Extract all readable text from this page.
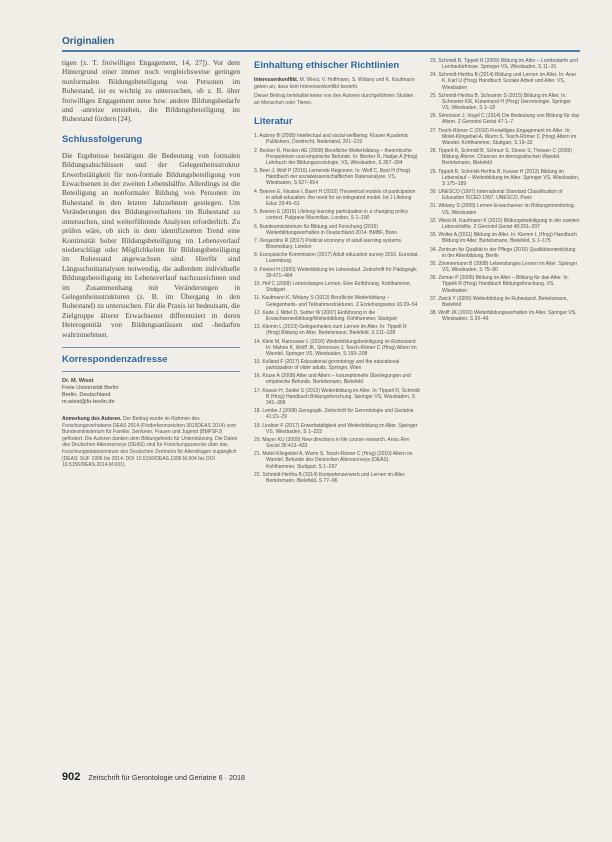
Originalien

tigen [z. T. freiwilliges Engagement, 14, 27]). Vor dem Hintergrund einer immer noch vergleichsweise geringen nonformalen Bildungsbeteiligung von Personen im Ruhestand, ist es wichtig zu untersuchen, ob z. B. über freiwilliges Engagement neue bzw. andere Bildungsbedarfe und -anreize entstehen, die Bildungsbeteiligung im Ruhestand fördern [24].

Schlussfolgerung

Die Ergebnisse bestätigen die Bedeutung von formalen Bildungsabschlüssen und der Gelegenheitsstruktur Erwerbstätigkeit für non-formale Bildungsbeteiligung von Erwachsenen in der zweiten Lebenshälfte. Allerdings ist die Beteiligung an nonformaler Bildung von Personen im Ruhestand in den letzten Jahrzehnten gestiegen. Um Veränderungen des Bildungsverhaltens im Ruhestand zu untersuchen, sind weiterführende Analysen erforderlich. Zu prüfen wäre, ob sich in dem identifizierten Trend eine Kontinuität hoher Bildungsbeteiligung im Lebensverlauf niederschlägt oder Möglichkeiten für Bildungsbeteiligung im Ruhestand angewachsen sind. Hierfür sind Längsschnittanalysen notwendig, die außerdem individuelle Bildungsbeteiligung im Lebensverlauf nachzuzeichnen und im Zusammenhang mit Veränderungen in Gelegenheitsstrukturen (z. B. im Übergang in den Ruhestand) zu untersuchen. Für die Praxis ist bedeutsam, die Zielgruppe älterer Erwachsener differenziert in deren Heterogenität von Bildungsanlässen und -bedarfen wahrzunehmen.

Korrespondenzadresse
Dr. M. Wiest
Freie Universität Berlin
Berlin, Deutschland
m.wiest@fu-berlin.de

Anmerkung des Autoren. Der Beitrag wurde im Rahmen des Forschungsvorhabens DEAS 2014 (Förderkennzeichen 3015DEAS 2014) vom Bundesministerium für Familie, Senioren, Frauen und Jugend (BMFSFJ) gefördert. Die Autoren danken dem Bildungsfonds für Unterstützung. Die Daten des Deutschen Alterssurveys (DEAS) sind für Forschungszwecke über das Forschungsdatenzentrum des Deutschen Zentrums für Altersfragen zugänglich (DEAS: SUF 1996 bis 2014; DOI 10.5156/DEAS.1996.M.004 bis DOI 10.5156/DEAS.2014.M.001).

Einhaltung ethischer Richtlinien

Interessenkonflikt. M. Wiest, V. Hoffmann, S. Widany und K. Kaufmann geben an, dass kein Interessenkonflikt besteht.

Dieser Beitrag beinhaltet keine von den Autoren durchgeführten Studien an Menschen oder Tieren.

Literatur
1. Aubrey B (2008) Intellectual and social wellbeing: Kluwer Academic Publishers, Dordrecht, Nederland, 201–219
2. Becker R, Hecken AE (2008) Berufliche Weiterbildung – theoretische Perspektiven und empirische Befunde. In: Becker R, Hadjar A (Hrsg) Lehrbuch der Bildungssoziologie. VS, Wiesbaden, S 357–394
3. Beer J, Wolf P (2010) Lernende Regionen. In: Wolf C, Best H (Hrsg) Handbuch der sozialwissenschaftlichen Datenanalyse. VS, Wiesbaden, S 627–654
4. Boeren E, Nicaise I, Baert H (2010) Theoretical models of participation in adult education: the need for an integrated model. Int J Lifelong Educ 29:45–61
5. Boeren E (2016) Lifelong learning participation in a changing policy context. Palgrave Macmillan, London, S 1–190
6. Bundesministerium für Bildung und Forschung (2015) Weiterbildungsverhalten in Deutschland 2014. BMBF, Bonn
7. Desjardins R (2017) Political economy of adult learning systems. Bloomsbury, London
8. Europäische Kommission (2017) Adult education survey 2016. Eurostat, Luxemburg
9. Friebel H (1993) Weiterbildung im Lebenslauf. Zeitschrift für Pädagogik 39:471–484
10. Hof C (2009) Lebenslanges Lernen. Eine Einführung. Kohlhammer, Stuttgart
11. Kaufmann K, Widany S (2013) Berufliche Weiterbildung – Gelegenheits- und Teilnahmestrukturen. Z Erziehungswiss 16:29–54
12. Kade J, Nittel D, Seitter W (2007) Einführung in die Erwachsenenbildung/Weiterbildung. Kohlhammer, Stuttgart
13. Klemm L (2013) Gelegenheiten zum Lernen im Alter. In: Tippelt R (Hrsg) Bildung im Alter. Bertelsmann, Bielefeld, S 211–228
14. Klein M, Ramsauer L (2016) Weiterbildungsbeteiligung im Ruhestand. In: Mahne K, Wolff JK, Simonson J, Tesch-Römer C (Hrsg) Altern im Wandel. Springer VS, Wiesbaden, S 193–208
15. Kolland F (2017) Educational gerontology and the educational participation of older adults. Springer, Wien
16. Kruse A (2008) Alter und Altern – konzeptionelle Überlegungen und empirische Befunde. Bertelsmann, Bielefeld
17. Kuwan H, Seidel S (2013) Weiterbildung im Alter. In: Tippelt R, Schmidt B (Hrsg) Handbuch Bildungsforschung. Springer VS, Wiesbaden, S 341–358
18. Lemke J (2008) Geragogik. Zeitschrift für Gerontologie und Geriatrie 41:21–29
19. Lindner F (2017) Erwerbstätigkeit und Weiterbildung im Alter. Springer VS, Wiesbaden, S 1–223
20. Mayer KU (2009) New directions in life course research. Annu Rev Sociol 35:413–433
21. Motel-Klingebiel A, Wurm S, Tesch-Römer C (Hrsg) (2010) Altern im Wandel. Befunde des Deutschen Alterssurveys (DEAS). Kohlhammer, Stuttgart, S 1–297
22. Schmidt-Hertha B (2014) Kompetenzerwerb und Lernen im Alter. Bertelsmann, Bielefeld, S 77–96
23. Schmidt B, Tippelt R (2009) Bildung im Alter – Lernbedarfe und Lernbedürfnisse. Springer VS, Wiesbaden, S 11–31
24. Schmidt-Hertha B (2014) Bildung und Lernen im Alter. In: Aner K, Karl U (Hrsg) Handbuch Soziale Arbeit und Alter. VS, Wiesbaden
25. Schmidt-Hertha B, Schramm S (2015) Bildung im Alter. In: Schroeter KR, Künemund H (Hrsg) Gerontologie. Springer VS, Wiesbaden, S 1–18
26. Simonson J, Vogel C (2014) Die Bedeutung von Bildung für das Altern. Z Gerontol Geriat 47:1–7
27. Tesch-Römer C (2010) Freiwilliges Engagement im Alter. In: Motel-Klingebiel A, Wurm S, Tesch-Römer C (Hrsg) Altern im Wandel. Kohlhammer, Stuttgart, S 19–32
28. Tippelt R, Schmidt B, Schnurr S, Sinner S, Theisen C (2009) Bildung Älterer. Chancen im demografischen Wandel. Bertelsmann, Bielefeld
29. Tippelt R, Schmidt-Hertha B, Kuwan H (2013) Bildung im Lebenslauf – Weiterbildung im Alter. Springer VS, Wiesbaden, S 175–189
30. UNESCO (1997) International Standard Classification of Education ISCED 1997. UNESCO, Paris
31. Widany S (2009) Lernen Erwachsener im Bildungsmonitoring. VS, Wiesbaden
32. Wiest M, Kaufmann K (2015) Bildungsbeteiligung in der zweiten Lebenshälfte. Z Gerontol Geriat 48:291–297
33. Wolter A (2011) Bildung im Alter. In: Klemm L (Hrsg) Handbuch Bildung im Alter. Bertelsmann, Bielefeld, S 1–175
34. Zentrum für Qualität in der Pflege (2016) Qualitätsentwicklung in der Altenbildung. Berlin
35. Zimmermann B (2008) Lebenslanges Lernen im Alter. Springer VS, Wiesbaden, S 75–90
36. Zeman P (2006) Bildung im Alter – Bildung für das Alter. In: Tippelt R (Hrsg) Handbuch Bildungsforschung. VS, Wiesbaden
37. Zwick Y (2009) Weiterbildung im Ruhestand. Bertelsmann, Bielefeld
38. Wolff JK (2016) Weiterbildungsverhalten im Alter. Springer VS, Wiesbaden, S 29–49
902 Zeitschrift für Gerontologie und Geriatrie 6 · 2018
